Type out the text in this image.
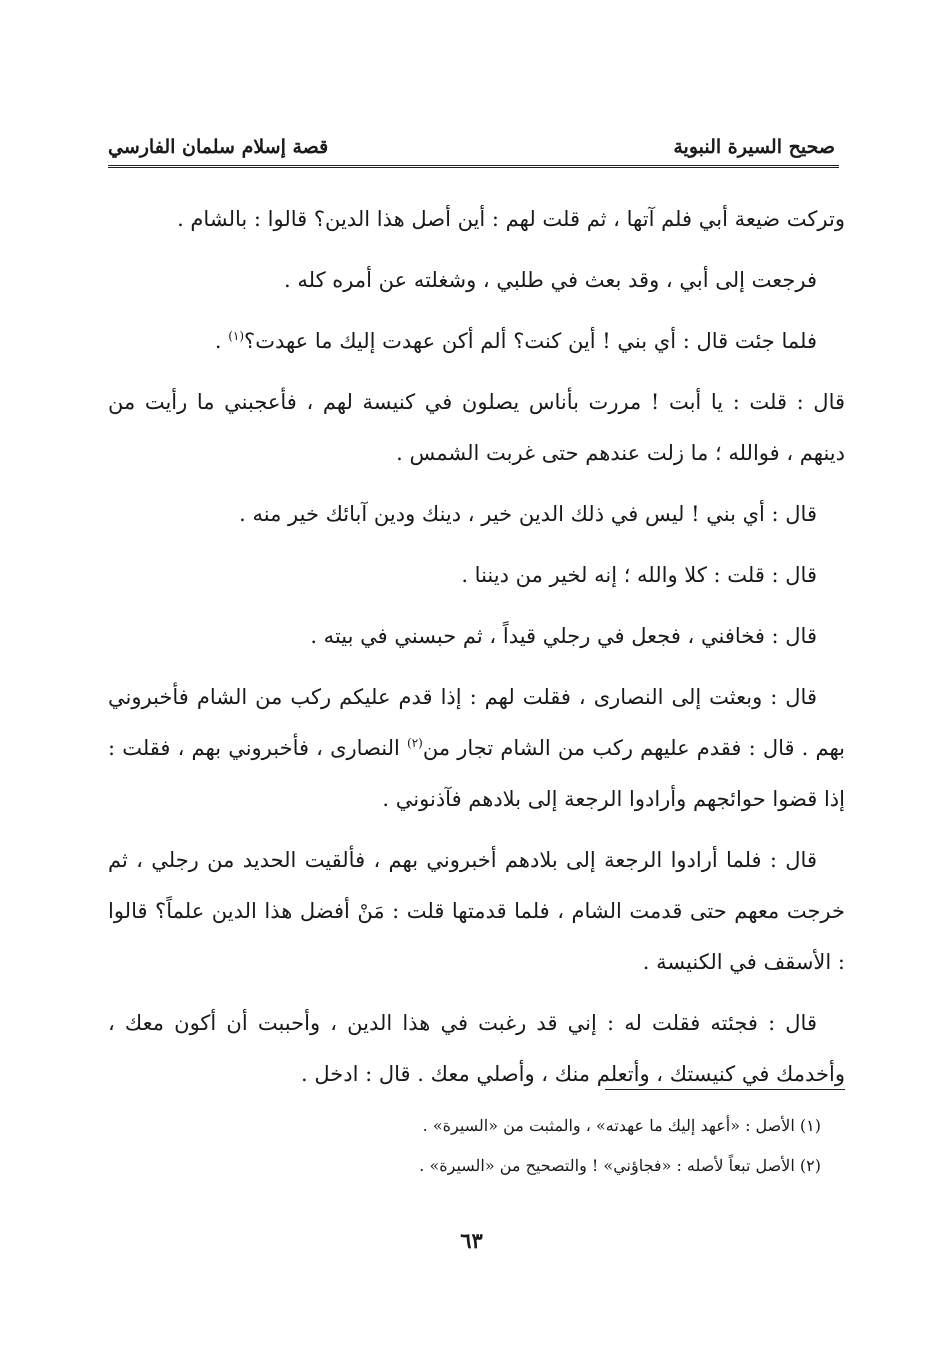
صحيح السيرة النبوية
قصة إسلام سلمان الفارسي

وتركت ضيعة أبي فلم آتها ، ثم قلت لهم : أين أصل هذا الدين؟ قالوا : بالشام .

فرجعت إلى أبي ، وقد بعث في طلبي ، وشغلته عن أمره كله .

فلما جئت قال : أي بني ! أين كنت؟ ألم أكن عهدت إليك ما عهدت؟$^{(١)}$ .

قال : قلت : يا أبت ! مررت بأناس يصلون في كنيسة لهم ، فأعجبني ما رأيت من دينهم ، فوالله ؛ ما زلت عندهم حتى غربت الشمس .

قال : أي بني ! ليس في ذلك الدين خير ، دينك ودين آبائك خير منه .

قال : قلت : كلا والله ؛ إنه لخير من ديننا .

قال : فخافني ، فجعل في رجلي قيداً ، ثم حبسني في بيته .

قال : وبعثت إلى النصارى ، فقلت لهم : إذا قدم عليكم ركب من الشام فأخبروني بهم . قال : فقدم عليهم ركب من الشام تجار من$^{(٢)}$ النصارى ، فأخبروني بهم ، فقلت : إذا قضوا حوائجهم وأرادوا الرجعة إلى بلادهم فآذنوني .

قال : فلما أرادوا الرجعة إلى بلادهم أخبروني بهم ، فألقيت الحديد من رجلي ، ثم خرجت معهم حتى قدمت الشام ، فلما قدمتها قلت : مَنْ أفضل هذا الدين علماً؟ قالوا : الأسقف في الكنيسة .

قال : فجئته فقلت له : إني قد رغبت في هذا الدين ، وأحببت أن أكون معك ، وأخدمك في كنيستك ، وأتعلم منك ، وأصلي معك . قال : ادخل .

(١) الأصل : «أعهد إليك ما عهدته» ، والمثبت من «السيرة» .
(٢) الأصل تبعاً لأصله : «فجاؤني» ! والتصحيح من «السيرة» .
٦٣
